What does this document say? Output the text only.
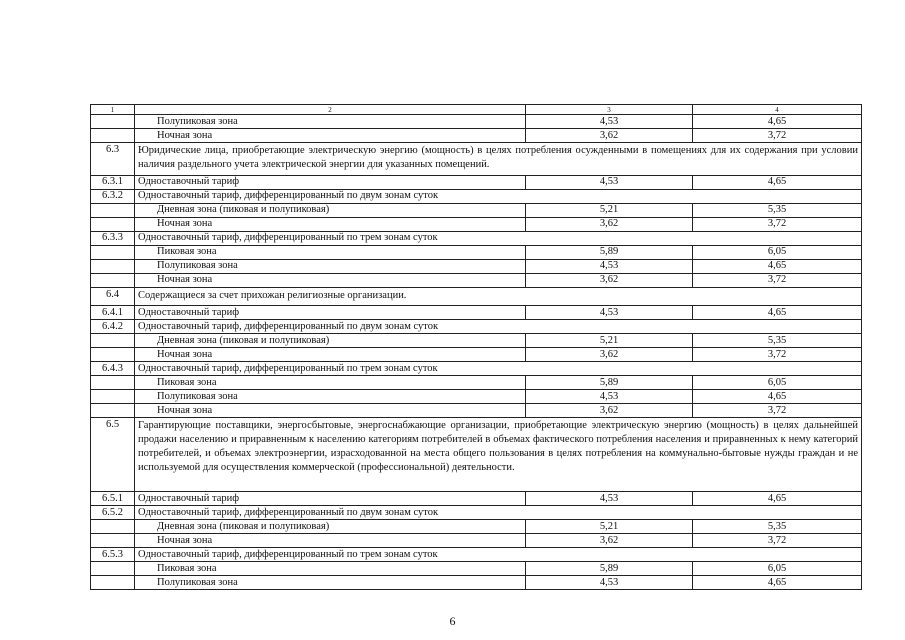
1	2	3	4
	Полупиковая зона	4,53	4,65
	Ночная зона	3,62	3,72
6.3	Юридические лица, приобретающие электрическую энергию (мощность) в целях потребления осужденными в помещениях для их содержания при условии наличия раздельного учета электрической энергии для указанных помещений.		
6.3.1	Одноставочный тариф	4,53	4,65
6.3.2	Одноставочный тариф, дифференцированный по двум зонам суток		
	Дневная зона (пиковая и полупиковая)	5,21	5,35
	Ночная зона	3,62	3,72
6.3.3	Одноставочный тариф, дифференцированный по трем зонам суток		
	Пиковая зона	5,89	6,05
	Полупиковая зона	4,53	4,65
	Ночная зона	3,62	3,72
6.4	Содержащиеся за счет прихожан религиозные организации.		
6.4.1	Одноставочный тариф	4,53	4,65
6.4.2	Одноставочный тариф, дифференцированный по двум зонам суток		
	Дневная зона (пиковая и полупиковая)	5,21	5,35
	Ночная зона	3,62	3,72
6.4.3	Одноставочный тариф, дифференцированный по трем зонам суток		
	Пиковая зона	5,89	6,05
	Полупиковая зона	4,53	4,65
	Ночная зона	3,62	3,72
6.5	Гарантирующие поставщики, энергосбытовые, энергоснабжающие организации, приобретающие электрическую энергию (мощность) в целях дальнейшей продажи населению и приравненным к населению категориям потребителей в объемах фактического потребления населения и приравненных к нему категорий потребителей, и объемах электроэнергии, израсходованной на места общего пользования в целях потребления на коммунально-бытовые нужды граждан и не используемой для осуществления коммерческой (профессиональной) деятельности.		
6.5.1	Одноставочный тариф	4,53	4,65
6.5.2	Одноставочный тариф, дифференцированный по двум зонам суток		
	Дневная зона (пиковая и полупиковая)	5,21	5,35
	Ночная зона	3,62	3,72
6.5.3	Одноставочный тариф, дифференцированный по трем зонам суток		
	Пиковая зона	5,89	6,05
	Полупиковая зона	4,53	4,65
6
